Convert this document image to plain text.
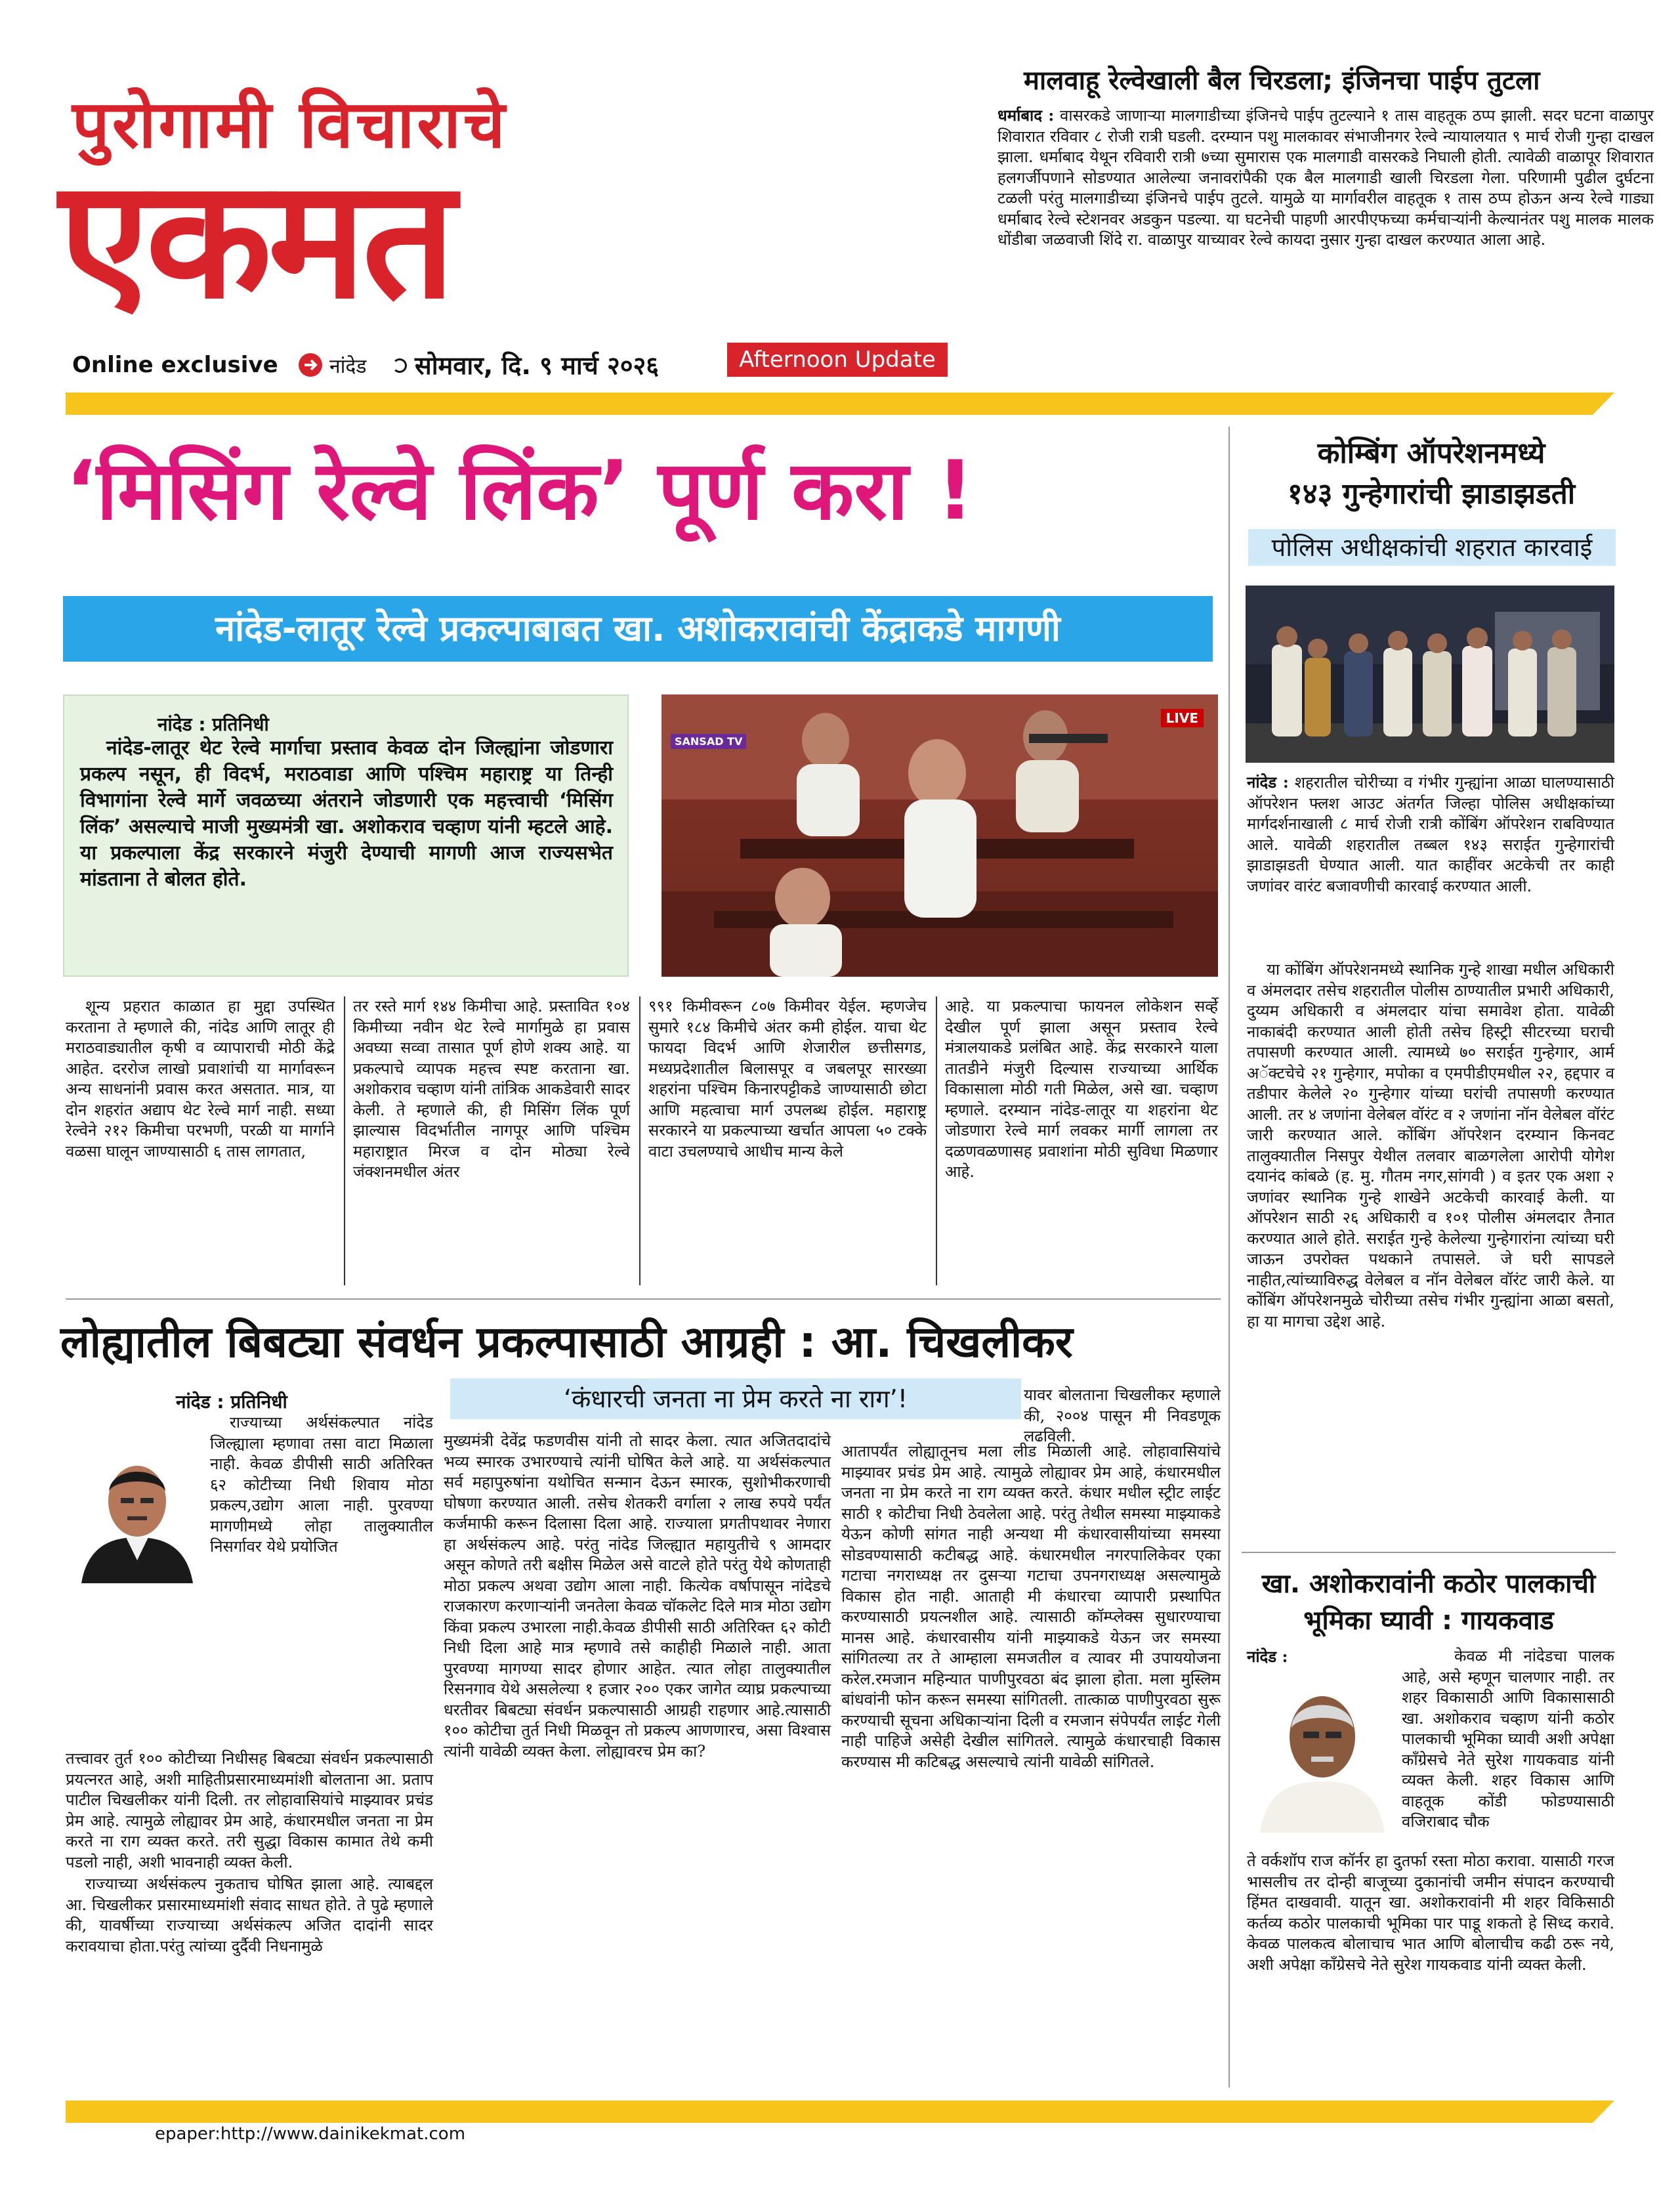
पुरोगामी विचाराचे
एकमत
Online exclusive	नांदेड सोमवार, दि. ९ मार्च २०२६	Afternoon Update
मालवाहू रेल्वेखाली बैल चिरडला; इंजिनचा पाईप तुटला
धर्माबाद : वासरकडे जाणाऱ्या मालगाडीच्या इंजिनचे पाईप तुटल्याने १ तास वाहतूक ठप्प झाली. सदर घटना वाळापुर शिवारात रविवार ८ रोजी रात्री घडली. दरम्यान पशु मालकावर संभाजीनगर रेल्वे न्यायालयात ९ मार्च रोजी गुन्हा दाखल झाला. धर्माबाद येथून रविवारी रात्री ७च्या सुमारास एक मालगाडी वासरकडे निघाली होती. त्यावेळी वाळापूर शिवारात हलगर्जीपणाने सोडण्यात आलेल्या जनावरांपैकी एक बैल मालगाडी खाली चिरडला गेला. परिणामी पुढील दुर्घटना टळली परंतु मालगाडीच्या इंजिनचे पाईप तुटले. यामुळे या मार्गावरील वाहतूक १ तास ठप्प होऊन अन्य रेल्वे गाड्या धर्माबाद रेल्वे स्टेशनवर अडकुन पडल्या. या घटनेची पाहणी आरपीएफच्या कर्मचाऱ्यांनी केल्यानंतर पशु मालक मालक धोंडीबा जळवाजी शिंदे रा. वाळापुर याच्यावर रेल्वे कायदा नुसार गुन्हा दाखल करण्यात आला आहे.
‘मिसिंग रेल्वे लिंक’ पूर्ण करा !
नांदेड-लातूर रेल्वे प्रकल्पाबाबत खा. अशोकरावांची केंद्राकडे मागणी
नांदेड : प्रतिनिधी
नांदेड-लातूर थेट रेल्वे मार्गाचा प्रस्ताव केवळ दोन जिल्ह्यांना जोडणारा प्रकल्प नसून, ही विदर्भ, मराठवाडा आणि पश्चिम महाराष्ट्र या तिन्ही विभागांना रेल्वे मार्गे जवळच्या अंतराने जोडणारी एक महत्त्वाची ‘मिसिंग लिंक’ असल्याचे माजी मुख्यमंत्री खा. अशोकराव चव्हाण यांनी म्हटले आहे. या प्रकल्पाला केंद्र सरकारने मंजुरी देण्याची मागणी आज राज्यसभेत मांडताना ते बोलत होते.
SANSAD TV
LIVE

शून्य प्रहरात काळात हा मुद्दा उपस्थित करताना ते म्हणाले की, नांदेड आणि लातूर ही मराठवाड्यातील कृषी व व्यापाराची मोठी केंद्रे आहेत. दररोज लाखो प्रवाशांची या मार्गावरून अन्य साधनांनी प्रवास करत असतात. मात्र, या दोन शहरांत अद्याप थेट रेल्वे मार्ग नाही. सध्या रेल्वेने २१२ किमीचा परभणी, परळी या मार्गाने वळसा घालून जाण्यासाठी ६ तास लागतात,

तर रस्ते मार्ग १४४ किमीचा आहे. प्रस्तावित १०४ किमीच्या नवीन थेट रेल्वे मार्गामुळे हा प्रवास अवघ्या सव्वा तासात पूर्ण होणे शक्य आहे. या प्रकल्पाचे व्यापक महत्त्व स्पष्ट करताना खा. अशोकराव चव्हाण यांनी तांत्रिक आकडेवारी सादर केली. ते म्हणाले की, ही मिसिंग लिंक पूर्ण झाल्यास विदर्भातील नागपूर आणि पश्चिम महाराष्ट्रात मिरज व दोन मोठ्या रेल्वे जंक्शनमधील अंतर

९९१ किमीवरून ८०७ किमीवर येईल. म्हणजेच सुमारे १८४ किमीचे अंतर कमी होईल. याचा थेट फायदा विदर्भ आणि शेजारील छत्तीसगड, मध्यप्रदेशातील बिलासपूर व जबलपूर सारख्या शहरांना पश्चिम किनारपट्टीकडे जाण्यासाठी छोटा आणि महत्वाचा मार्ग उपलब्ध होईल. महाराष्ट्र सरकारने या प्रकल्पाच्या खर्चात आपला ५० टक्के वाटा उचलण्याचे आधीच मान्य केले

आहे. या प्रकल्पाचा फायनल लोकेशन सर्व्हे देखील पूर्ण झाला असून प्रस्ताव रेल्वे मंत्रालयाकडे प्रलंबित आहे. केंद्र सरकारने याला तातडीने मंजुरी दिल्यास राज्याच्या आर्थिक विकासाला मोठी गती मिळेल, असे खा. चव्हाण म्हणाले. दरम्यान नांदेड-लातूर या शहरांना थेट जोडणारा रेल्वे मार्ग लवकर मार्गी लागला तर दळणवळणासह प्रवाशांना मोठी सुविधा मिळणार आहे.

कोम्बिंग ऑपरेशनमध्ये
१४३ गुन्हेगारांची झाडाझडती
पोलिस अधीक्षकांची शहरात कारवाई
नांदेड : शहरातील चोरीच्या व गंभीर गुन्ह्यांना आळा घालण्यासाठी ऑपरेशन फ्लश आउट अंतर्गत जिल्हा पोलिस अधीक्षकांच्या मार्गदर्शनाखाली ८ मार्च रोजी रात्री कोंबिंग ऑपरेशन राबविण्यात आले. यावेळी शहरातील तब्बल १४३ सराईत गुन्हेगारांची झाडाझडती घेण्यात आली. यात काहींवर अटकेची तर काही जणांवर वारंट बजावणीची कारवाई करण्यात आली.

या कोंबिंग ऑपरेशनमध्ये स्थानिक गुन्हे शाखा मधील अधिकारी व अंमलदार तसेच शहरातील पोलीस ठाण्यातील प्रभारी अधिकारी, दुय्यम अधिकारी व अंमलदार यांचा समावेश होता. यावेळी नाकाबंदी करण्यात आली होती तसेच हिस्ट्री सीटरच्या घराची तपासणी करण्यात आली. त्यामध्ये ७० सराईत गुन्हेगार, आर्म अॅक्टचेचे २१ गुन्हेगार, मपोका व एमपीडीएमधील २२, हद्दपार व तडीपार केलेले २० गुन्हेगार यांच्या घरांची तपासणी करण्यात आली. तर ४ जणांना वेलेबल वॉरंट व २ जणांना नॉन वेलेबल वॉरंट जारी करण्यात आले. कोंबिंग ऑपरेशन दरम्यान किनवट तालुक्यातील निसपुर येथील तलवार बाळगलेला आरोपी योगेश दयानंद कांबळे (ह. मु. गौतम नगर,सांगवी ) व इतर एक अशा २ जणांवर स्थानिक गुन्हे शाखेने अटकेची कारवाई केली. या ऑपरेशन साठी २६ अधिकारी व १०१ पोलीस अंमलदार तैनात करण्यात आले होते. सराईत गुन्हे केलेल्या गुन्हेगारांना त्यांच्या घरी जाऊन उपरोक्त पथकाने तपासले. जे घरी सापडले नाहीत,त्यांच्याविरुद्ध वेलेबल व नॉन वेलेबल वॉरंट जारी केले. या कोंबिंग ऑपरेशनमुळे चोरीच्या तसेच गंभीर गुन्ह्यांना आळा बसतो, हा या मागचा उद्देश आहे.

लोह्यातील बिबट्या संवर्धन प्रकल्पासाठी आग्रही : आ. चिखलीकर
नांदेड : प्रतिनिधी

राज्याच्या अर्थसंकल्पात नांदेड जिल्ह्याला म्हणावा तसा वाटा मिळाला नाही. केवळ डीपीसी साठी अतिरिक्त ६२ कोटीच्या निधी शिवाय मोठा प्रकल्प,उद्योग आला नाही. पुरवण्या मागणीमध्ये लोहा तालुक्यातील निसर्गावर येथे प्रयोजित

तत्त्वावर तुर्त १०० कोटीच्या निधीसह बिबट्या संवर्धन प्रकल्पासाठी प्रयत्नरत आहे, अशी माहितीप्रसारमाध्यमांशी बोलताना आ. प्रताप पाटील चिखलीकर यांनी दिली. तर लोहावासियांचे माझ्यावर प्रचंड प्रेम आहे. त्यामुळे लोह्यावर प्रेम आहे, कंधारमधील जनता ना प्रेम करते ना राग व्यक्त करते. तरी सुद्धा विकास कामात तेथे कमी पडलो नाही, अशी भावनाही व्यक्त केली.

राज्याच्या अर्थसंकल्प नुकताच घोषित झाला आहे. त्याबद्दल आ. चिखलीकर प्रसारमाध्यमांशी संवाद साधत होते. ते पुढे म्हणाले की, यावर्षीच्या राज्याच्या अर्थसंकल्प अजित दादांनी सादर करावयाचा होता.परंतु त्यांच्या दुर्दैवी निधनामुळे

‘कंधारची जनता ना प्रेम करते ना राग’!

मुख्यमंत्री देवेंद्र फडणवीस यांनी तो सादर केला. त्यात अजितदादांचे भव्य स्मारक उभारण्याचे त्यांनी घोषित केले आहे. या अर्थसंकल्पात सर्व महापुरुषांना यथोचित सन्मान देऊन स्मारक, सुशोभीकरणाची घोषणा करण्यात आली. तसेच शेतकरी वर्गाला २ लाख रुपये पर्यंत कर्जमाफी करून दिलासा दिला आहे. राज्याला प्रगतीपथावर नेणारा हा अर्थसंकल्प आहे. परंतु नांदेड जिल्ह्यात महायुतीचे ९ आमदार असून कोणते तरी बक्षीस मिळेल असे वाटले होते परंतु येथे कोणताही मोठा प्रकल्प अथवा उद्योग आला नाही. कित्येक वर्षापासून नांदेडचे राजकारण करणाऱ्यांनी जनतेला केवळ चॉकलेट दिले मात्र मोठा उद्योग किंवा प्रकल्प उभारला नाही.केवळ डीपीसी साठी अतिरिक्त ६२ कोटी निधी दिला आहे मात्र म्हणावे तसे काहीही मिळाले नाही. आता पुरवण्या मागण्या सादर होणार आहेत. त्यात लोहा तालुक्यातील रिसनगाव येथे असलेल्या १ हजार २०० एकर जागेत व्याघ्र प्रकल्पाच्या धरतीवर बिबट्या संवर्धन प्रकल्पासाठी आग्रही राहणार आहे.त्यासाठी १०० कोटीचा तुर्त निधी मिळवून तो प्रकल्प आणणारच, असा विश्वास त्यांनी यावेळी व्यक्त केला. लोह्यावरच प्रेम का?

यावर बोलताना चिखलीकर म्हणाले की, २००४ पासून मी निवडणूक लढविली.

आतापर्यंत लोह्यातूनच मला लीड मिळाली आहे. लोहावासियांचे माझ्यावर प्रचंड प्रेम आहे. त्यामुळे लोह्यावर प्रेम आहे, कंधारमधील जनता ना प्रेम करते ना राग व्यक्त करते. कंधार मधील स्ट्रीट लाईट साठी १ कोटीचा निधी ठेवलेला आहे. परंतु तेथील समस्या माझ्याकडे येऊन कोणी सांगत नाही अन्यथा मी कंधारवासीयांच्या समस्या सोडवण्यासाठी कटीबद्ध आहे. कंधारमधील नगरपालिकेवर एका गटाचा नगराध्यक्ष तर दुसऱ्या गटाचा उपनगराध्यक्ष असल्यामुळे विकास होत नाही. आताही मी कंधारचा व्यापारी प्रस्थापित करण्यासाठी प्रयत्नशील आहे. त्यासाठी कॉम्प्लेक्स सुधारण्याचा मानस आहे. कंधारवासीय यांनी माझ्याकडे येऊन जर समस्या सांगितल्या तर ते आम्हाला समजतील व त्यावर मी उपाययोजना करेल.रमजान महिन्यात पाणीपुरवठा बंद झाला होता. मला मुस्लिम बांधवांनी फोन करून समस्या सांगितली. तात्काळ पाणीपुरवठा सुरू करण्याची सूचना अधिकाऱ्यांना दिली व रमजान संपेपर्यंत लाईट गेली नाही पाहिजे असेही देखील सांगितले. त्यामुळे कंधारचाही विकास करण्यास मी कटिबद्ध असल्याचे त्यांनी यावेळी सांगितले.

खा. अशोकरावांनी कठोर पालकाची
भूमिका घ्यावी : गायकवाड
नांदेड :	केवळ मी नांदेडचा पालक आहे, असे म्हणून चालणार नाही. तर शहर विकासाठी आणि विकासासाठी खा. अशोकराव चव्हाण यांनी कठोर पालकाची भूमिका घ्यावी अशी अपेक्षा काँग्रेसचे नेते सुरेश गायकवाड यांनी व्यक्त केली. शहर विकास आणि वाहतूक कोंडी फोडण्यासाठी वजिराबाद चौक

ते वर्कशॉप राज कॉर्नर हा दुतर्फा रस्ता मोठा करावा. यासाठी गरज भासलीच तर दोन्ही बाजूच्या दुकानांची जमीन संपादन करण्याची हिंमत दाखवावी. यातून खा. अशोकरावांनी मी शहर विकिसाठी कर्तव्य कठोर पालकाची भूमिका पार पाडू शकतो हे सिध्द करावे. केवळ पालकत्व बोलाचाच भात आणि बोलाचीच कढी ठरू नये, अशी अपेक्षा काँग्रेसचे नेते सुरेश गायकवाड यांनी व्यक्त केली.

epaper:http://www.dainikekmat.com
